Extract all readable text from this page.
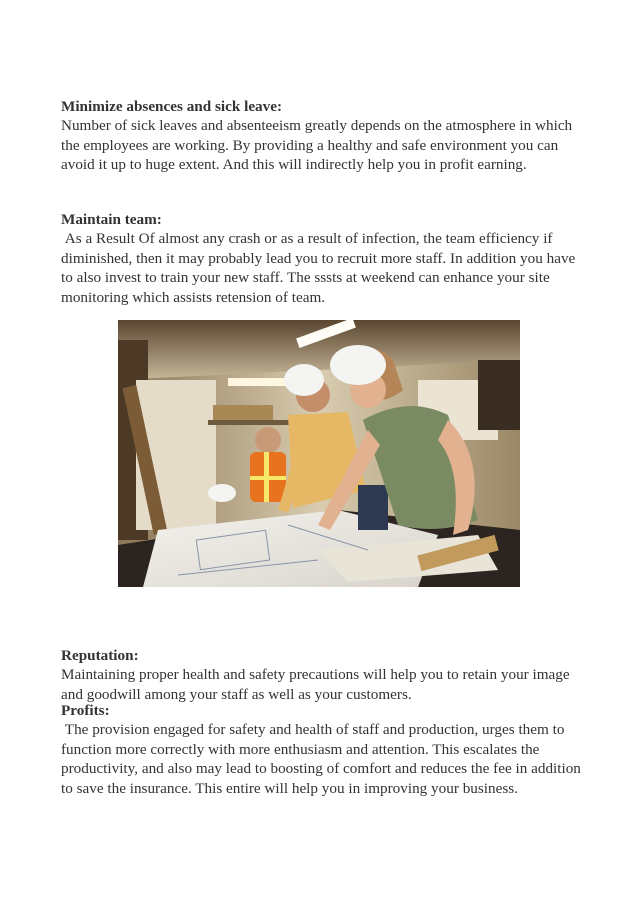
Minimize absences and sick leave:
Number of sick leaves and absenteeism greatly depends on the atmosphere in which the employees are working. By providing a healthy and safe environment you can avoid it up to huge extent. And this will indirectly help you in profit earning.
Maintain team:
As a Result Of almost any crash or as a result of infection, the team efficiency if diminished, then it may probably lead you to recruit more staff. In addition you have to also invest to train your new staff. The sssts at weekend can enhance your site monitoring which assists retension of team.
Reputation:
Maintaining proper health and safety precautions will help you to retain your image and goodwill among your staff as well as your customers.
Profits:
The provision engaged for safety and health of staff and production, urges them to function more correctly with more enthusiasm and attention. This escalates the productivity, and also may lead to boosting of comfort and reduces the fee in addition to save the insurance. This entire will help you in improving your business.
